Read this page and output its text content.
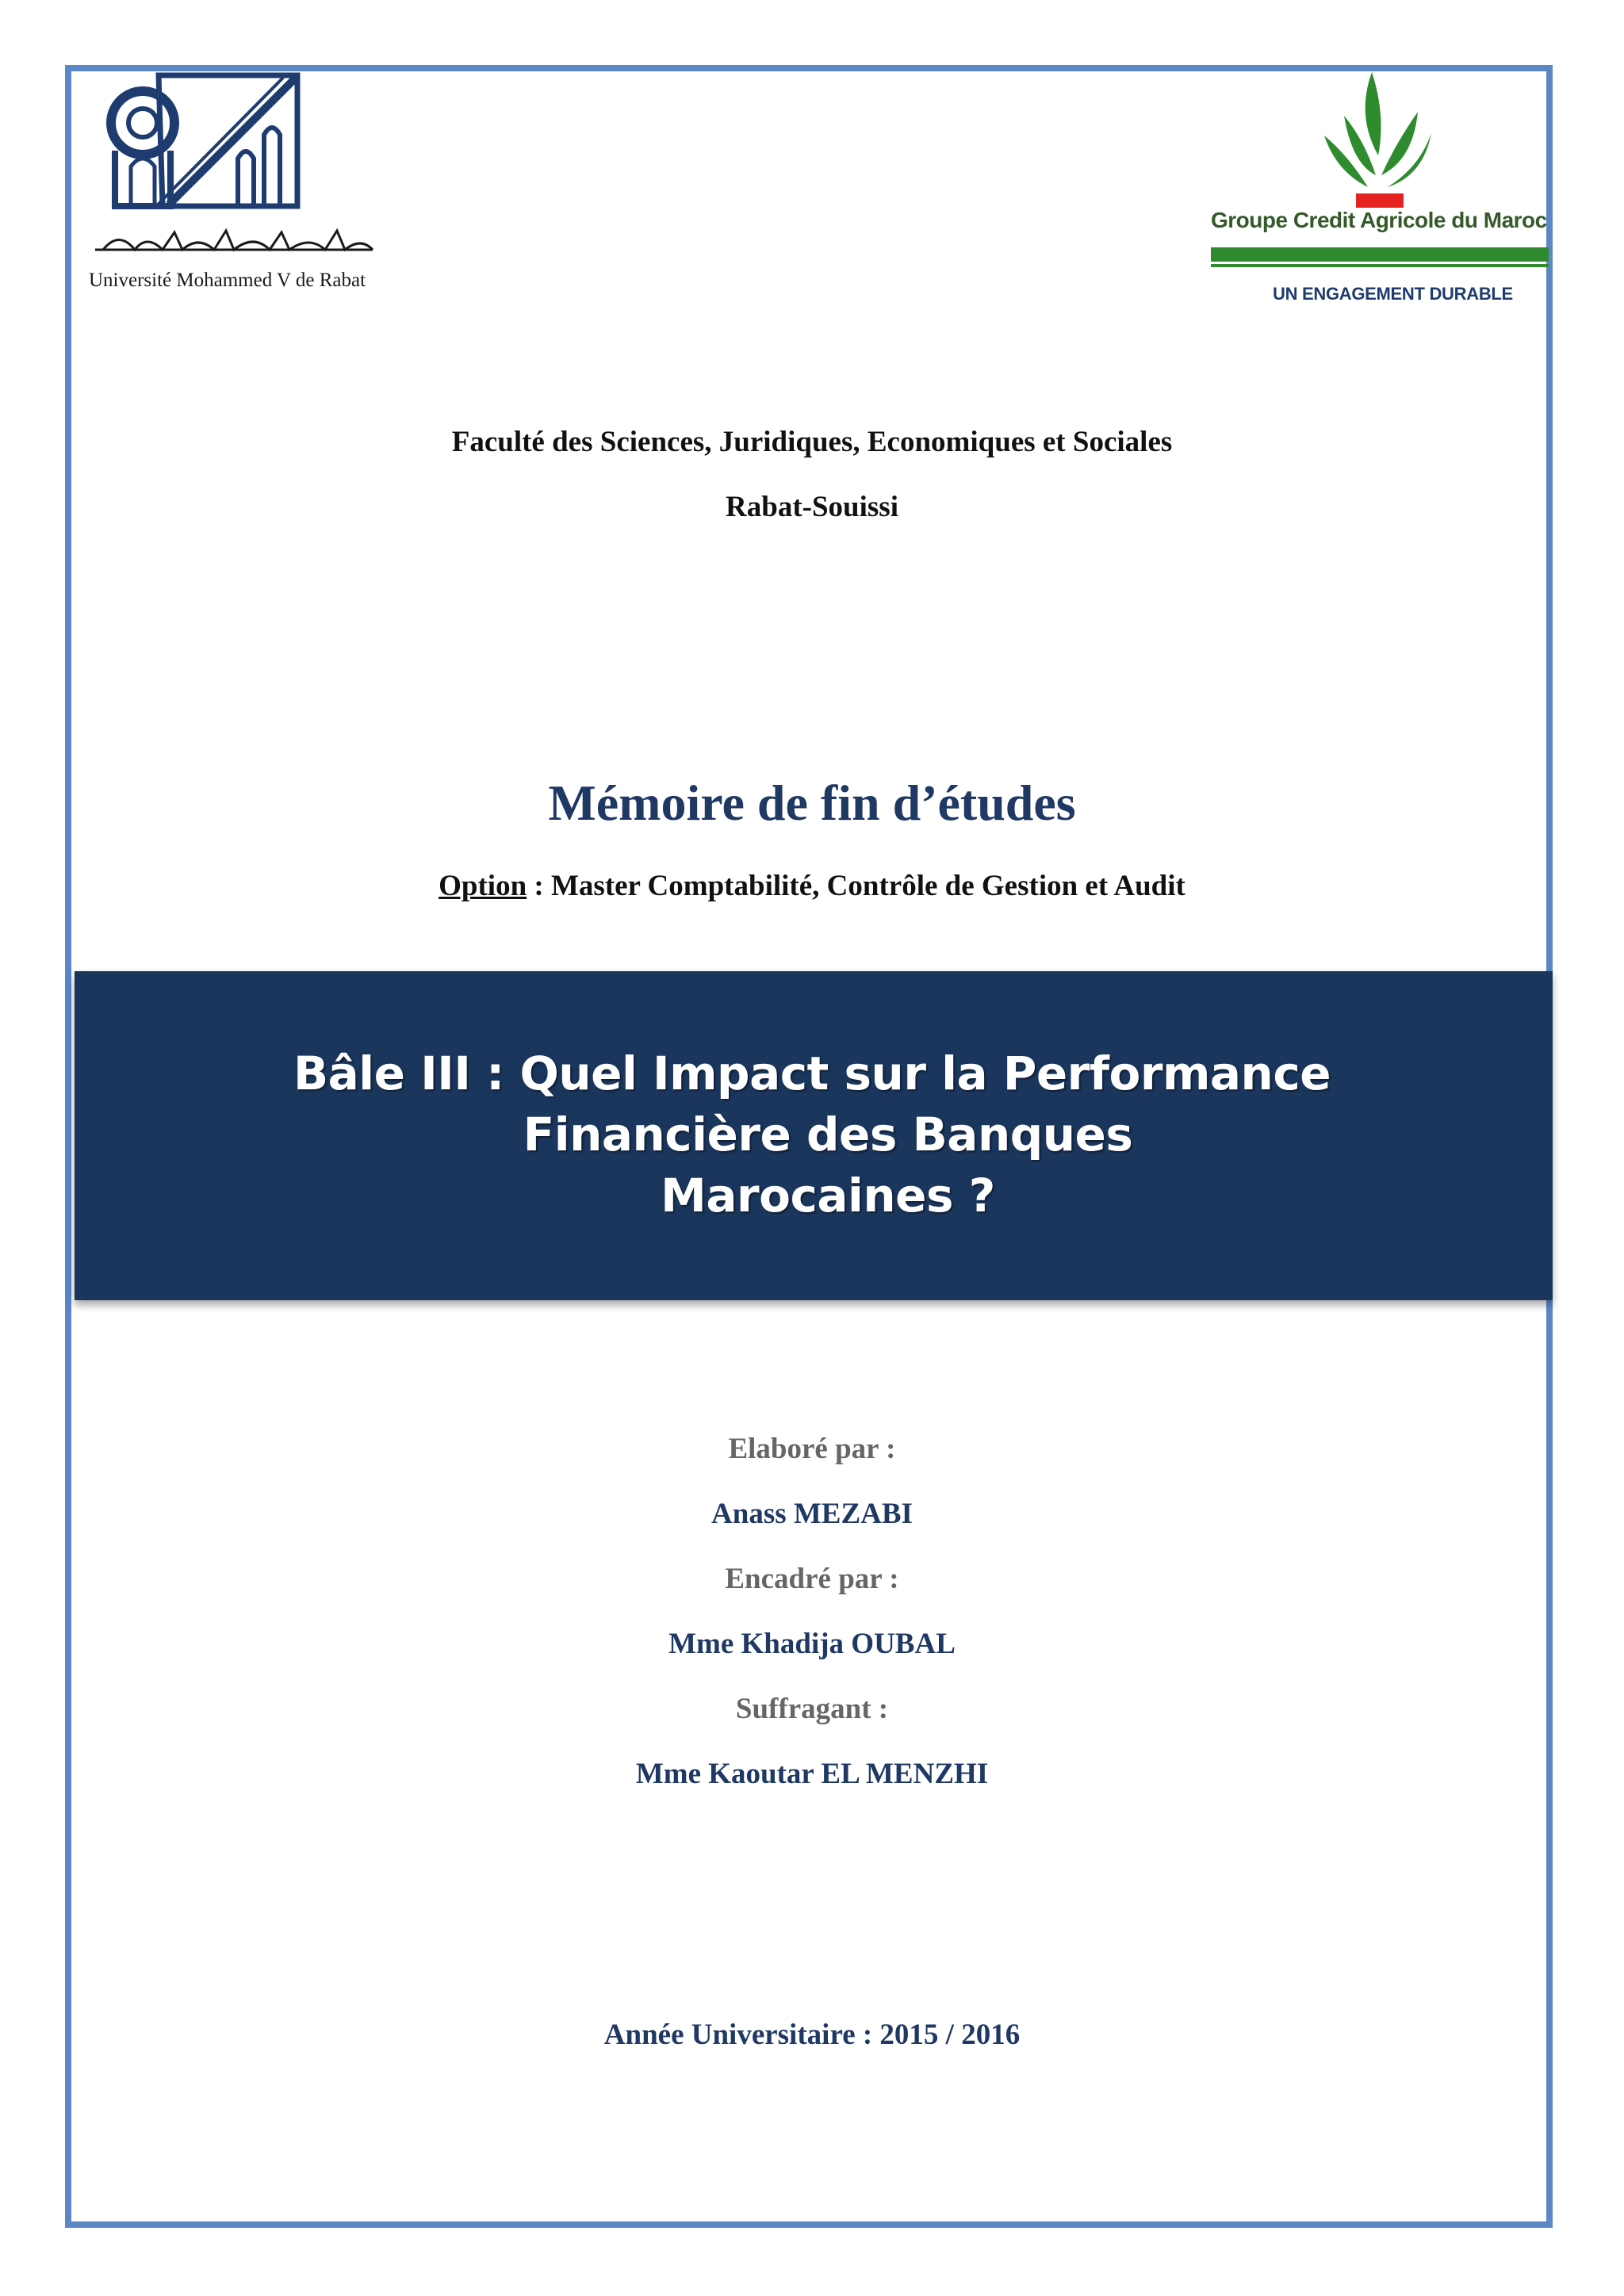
Université Mohammed V de Rabat
Groupe Credit Agricole du Maroc
UN ENGAGEMENT DURABLE
Faculté des Sciences, Juridiques, Economiques et Sociales
Rabat-Souissi
Mémoire de fin d’études
Option : Master Comptabilité, Contrôle de Gestion et Audit
Bâle III : Quel Impact sur la Performance
Financière des Banques
Marocaines ?
Elaboré par :
Anass MEZABI
Encadré par :
Mme Khadija OUBAL
Suffragant :
Mme Kaoutar EL MENZHI
Année Universitaire : 2015 / 2016
